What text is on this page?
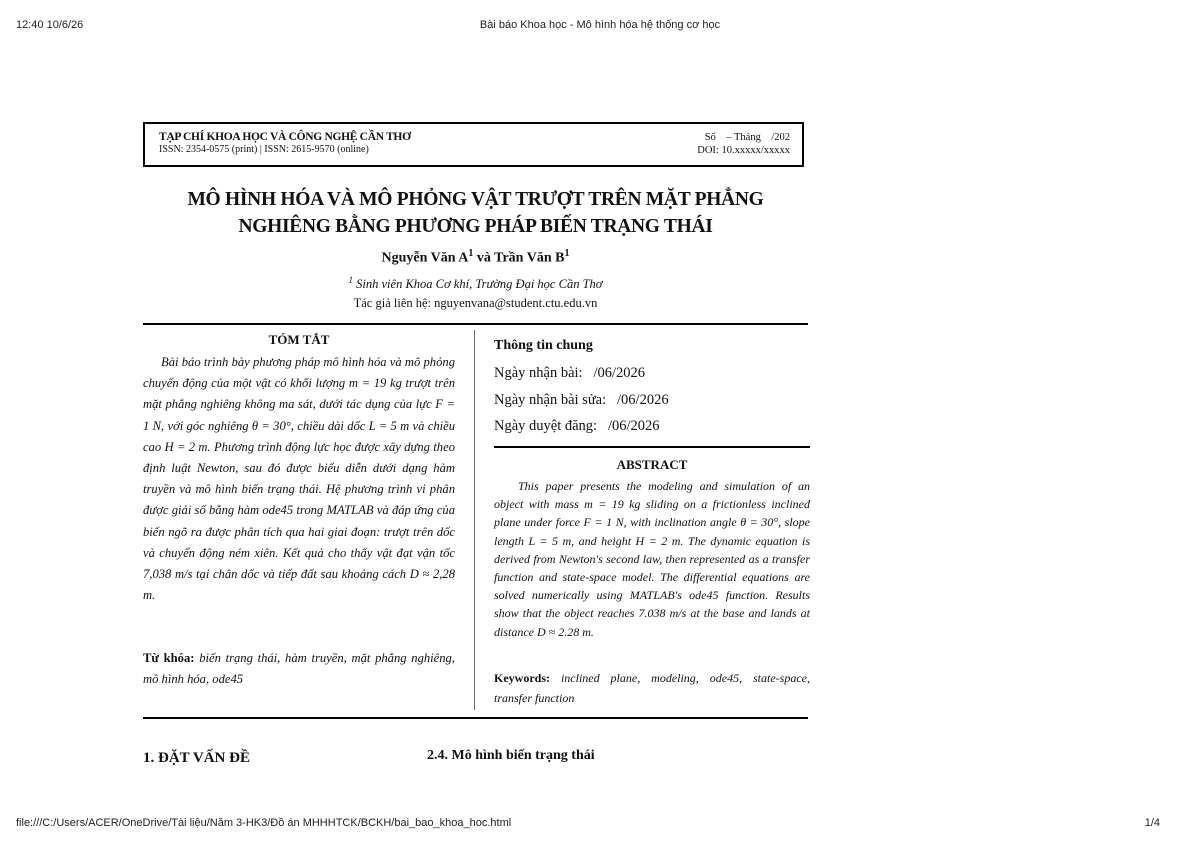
12:40 10/6/26	Bài báo Khoa học - Mô hình hóa hệ thống cơ học
TẠP CHÍ KHOA HỌC VÀ CÔNG NGHỆ CẦN THƠ
ISSN: 2354-0575 (print) | ISSN: 2615-9570 (online)
Số    – Tháng    /202
DOI: 10.xxxxx/xxxxx
MÔ HÌNH HÓA VÀ MÔ PHỎNG VẬT TRƯỢT TRÊN MẶT PHẲNG
NGHIÊNG BẰNG PHƯƠNG PHÁP BIẾN TRẠNG THÁI
Nguyễn Văn $A^1$ và Trần Văn $B^1$
$^1$ Sinh viên Khoa Cơ khí, Trường Đại học Cần Thơ
Tác giả liên hệ: nguyenvana@student.ctu.edu.vn
TÓM TẮT
Bài báo trình bày phương pháp mô hình hóa và mô phỏng chuyển động của một vật có khối lượng m = 19 kg trượt trên mặt phẳng nghiêng không ma sát, dưới tác dụng của lực F = 1 N, với góc nghiêng θ = 30°, chiều dài dốc L = 5 m và chiều cao H = 2 m. Phương trình động lực học được xây dựng theo định luật Newton, sau đó được biểu diễn dưới dạng hàm truyền và mô hình biến trạng thái. Hệ phương trình vi phân được giải số bằng hàm ode45 trong MATLAB và đáp ứng của biến ngõ ra được phân tích qua hai giai đoạn: trượt trên dốc và chuyển động ném xiên. Kết quả cho thấy vật đạt vận tốc 7,038 m/s tại chân dốc và tiếp đất sau khoảng cách D ≈ 2,28 m.
Từ khóa: biến trạng thái, hàm truyền, mặt phẳng nghiêng, mô hình hóa, ode45
Thông tin chung
Ngày nhận bài:   /06/2026
Ngày nhận bài sửa:   /06/2026
Ngày duyệt đăng:   /06/2026
ABSTRACT
This paper presents the modeling and simulation of an object with mass m = 19 kg sliding on a frictionless inclined plane under force F = 1 N, with inclination angle θ = 30°, slope length L = 5 m, and height H = 2 m. The dynamic equation is derived from Newton's second law, then represented as a transfer function and state-space model. The differential equations are solved numerically using MATLAB's ode45 function. Results show that the object reaches 7.038 m/s at the base and lands at distance D ≈ 2.28 m.
Keywords: inclined plane, modeling, ode45, state-space, transfer function
1. ĐẶT VẤN ĐỀ	2.4. Mô hình biến trạng thái
file:///C:/Users/ACER/OneDrive/Tài liệu/Năm 3-HK3/Đồ án MHHHTCK/BCKH/bai_bao_khoa_hoc.html	1/4
